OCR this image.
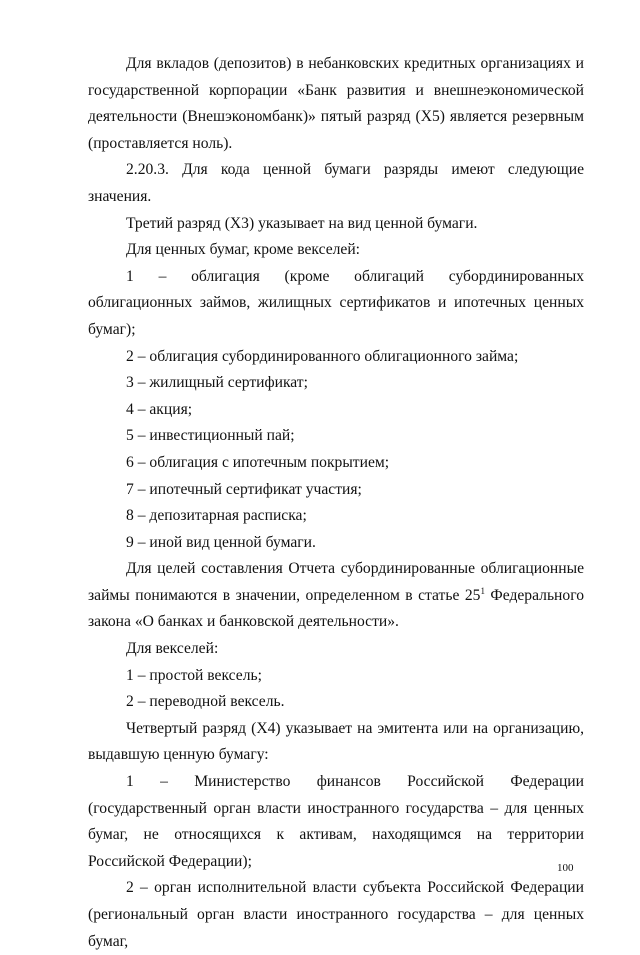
Для вкладов (депозитов) в небанковских кредитных организациях и государственной корпорации «Банк развития и внешнеэкономической деятельности (Внешэкономбанк)» пятый разряд (Х5) является резервным (проставляется ноль).

2.20.3. Для кода ценной бумаги разряды имеют следующие значения.

Третий разряд (Х3) указывает на вид ценной бумаги.

Для ценных бумаг, кроме векселей:

1 – облигация (кроме облигаций субординированных облигационных займов, жилищных сертификатов и ипотечных ценных бумаг);

2 – облигация субординированного облигационного займа;

3 – жилищный сертификат;

4 – акция;

5 – инвестиционный пай;

6 – облигация с ипотечным покрытием;

7 – ипотечный сертификат участия;

8 – депозитарная расписка;

9 – иной вид ценной бумаги.

Для целей составления Отчета субординированные облигационные займы понимаются в значении, определенном в статье $25^1$ Федерального закона «О банках и банковской деятельности».

Для векселей:

1 – простой вексель;

2 – переводной вексель.

Четвертый разряд (Х4) указывает на эмитента или на организацию, выдавшую ценную бумагу:

1 – Министерство финансов Российской Федерации (государственный орган власти иностранного государства – для ценных бумаг, не относящихся к активам, находящимся на территории Российской Федерации);

2 – орган исполнительной власти субъекта Российской Федерации (региональный орган власти иностранного государства – для ценных бумаг,

100
